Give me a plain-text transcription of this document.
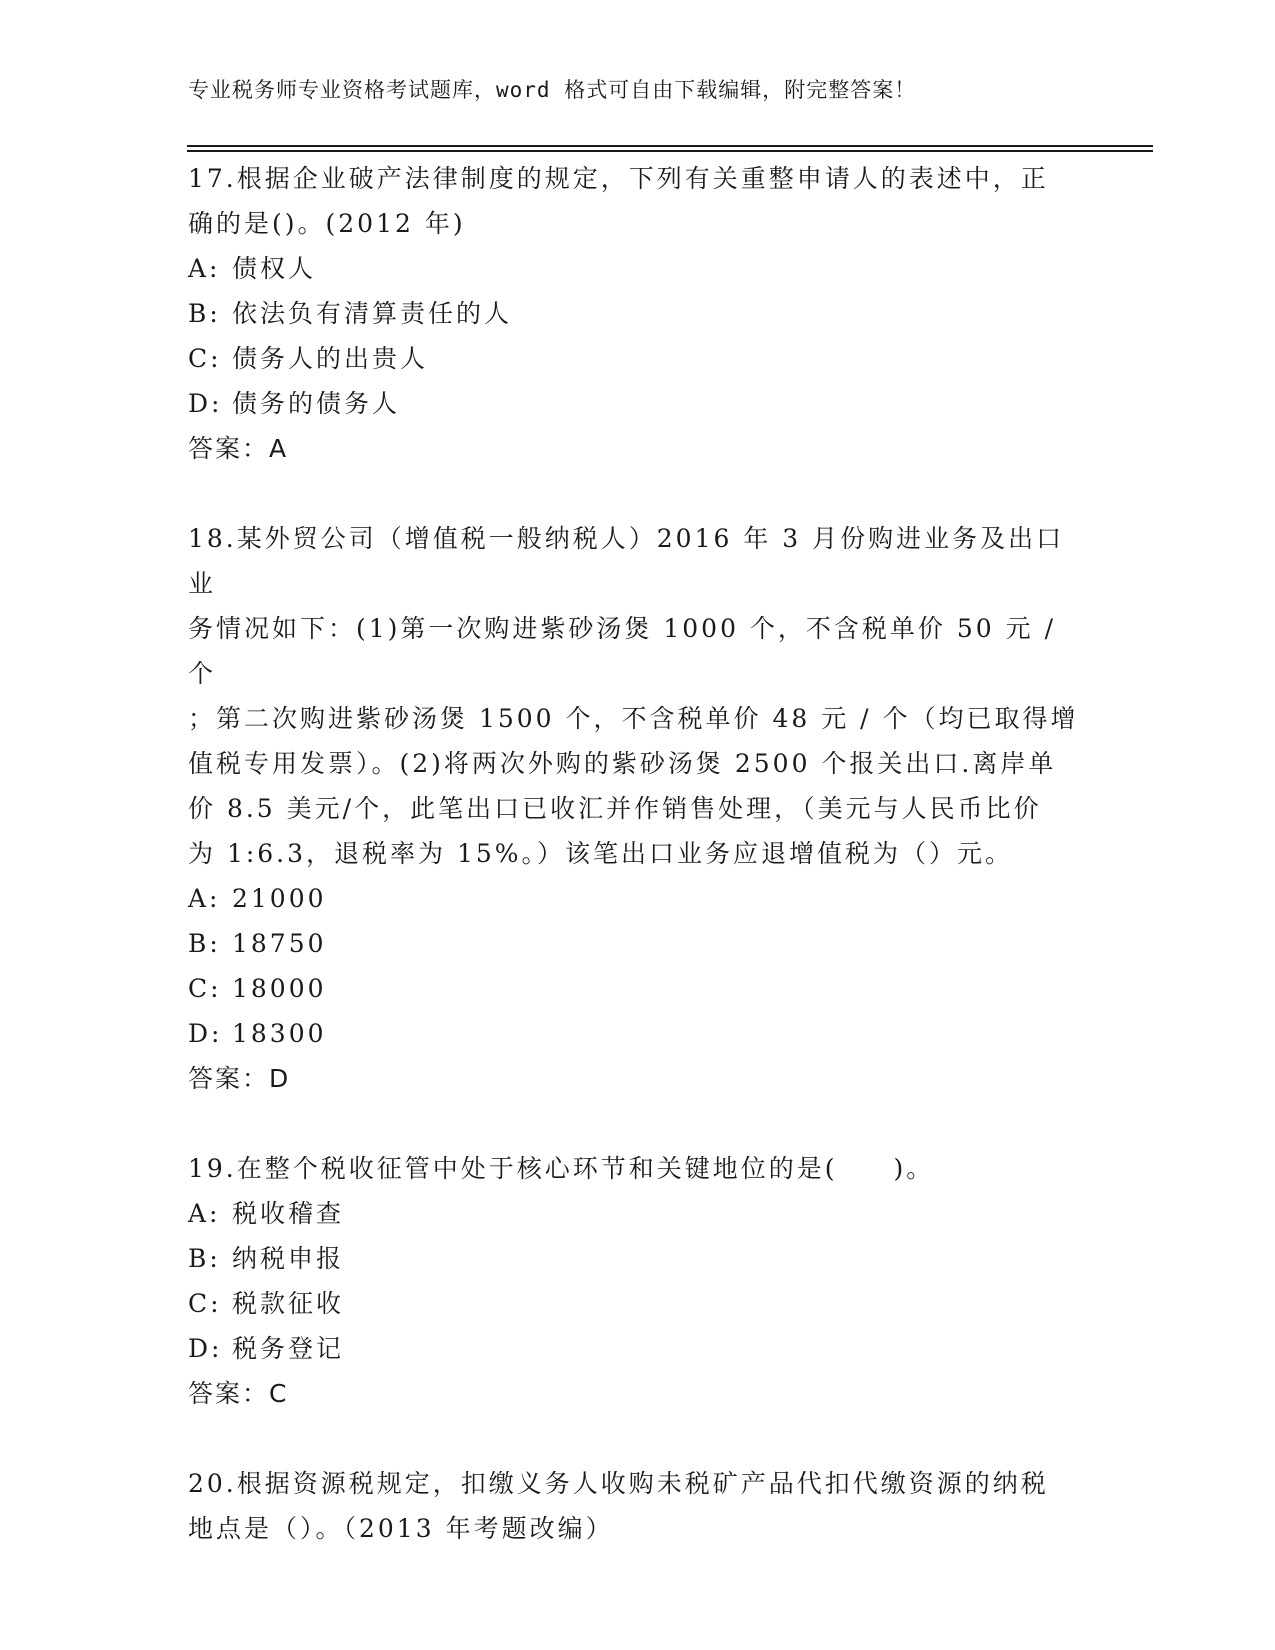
专业税务师专业资格考试题库，word 格式可自由下载编辑，附完整答案！

17.根据企业破产法律制度的规定，下列有关重整申请人的表述中，正

确的是()。(2012 年)

A: 债权人

B: 依法负有清算责任的人

C: 债务人的出贵人

D: 债务的债务人

答案：A

18.某外贸公司（增值税一般纳税人）2016 年 3 月份购进业务及出口业

务情况如下：(1)第一次购进紫砂汤煲 1000 个，不含税单价 50 元 / 个

；第二次购进紫砂汤煲 1500 个，不含税单价 48 元 / 个（均已取得增

值税专用发票）。(2)将两次外购的紫砂汤煲 2500 个报关出口.离岸单

价 8.5 美元/个，此笔出口已收汇并作销售处理，（美元与人民币比价

为 1:6.3，退税率为 15%。）该笔出口业务应退增值税为（）元。

A: 21000

B: 18750

C: 18000

D: 18300

答案：D

19.在整个税收征管中处于核心环节和关键地位的是(　　)。

A: 税收稽查

B: 纳税申报

C: 税款征收

D: 税务登记

答案：C

20.根据资源税规定，扣缴义务人收购未税矿产品代扣代缴资源的纳税

地点是（）。（2013 年考题改编）
